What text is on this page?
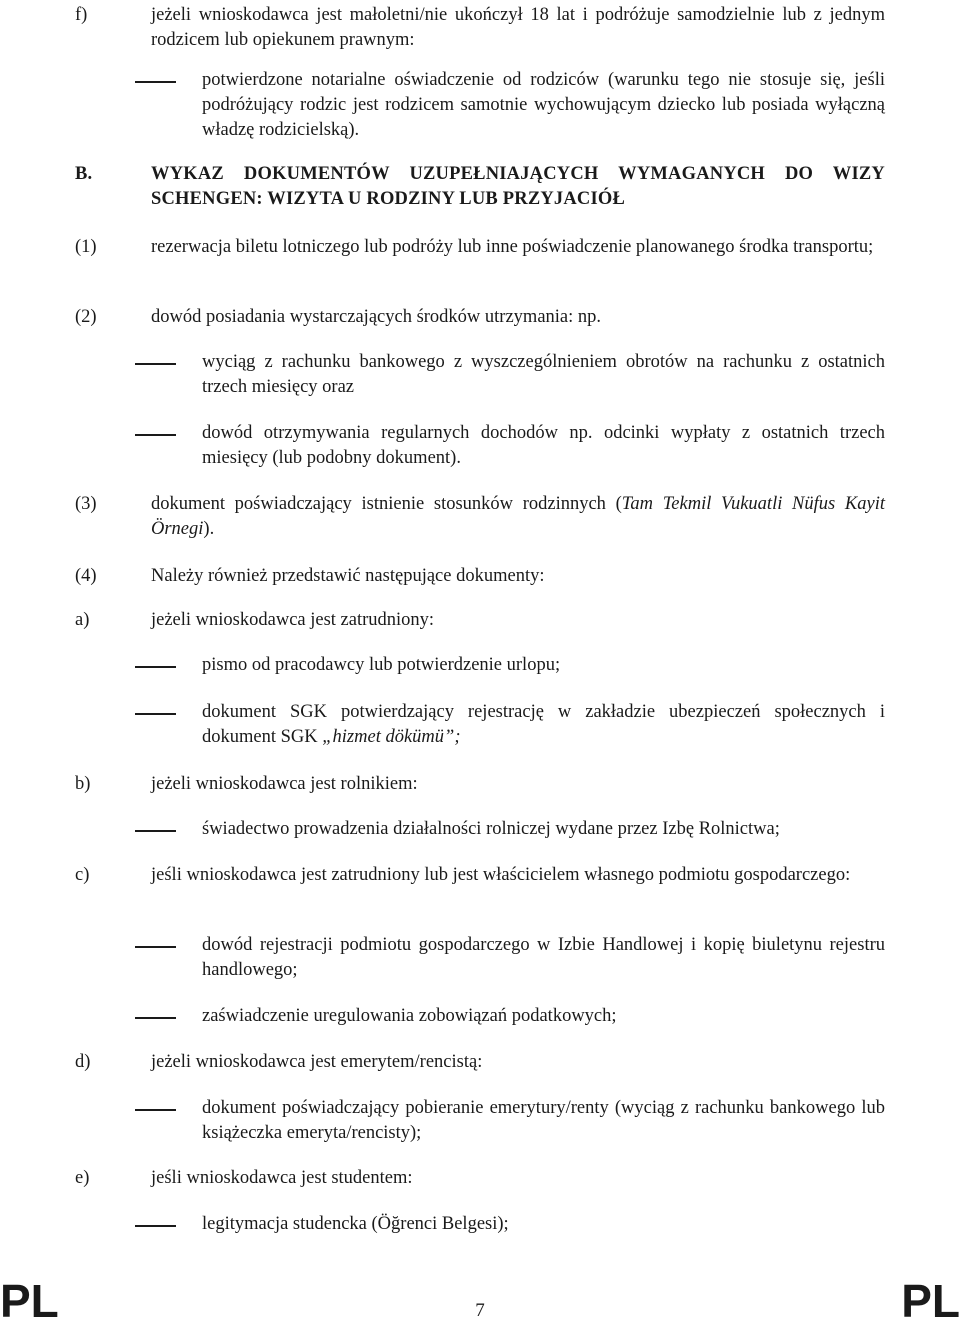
f)	jeżeli wnioskodawca jest małoletni/nie ukończył 18 lat i podróżuje samodzielnie lub z jednym rodzicem lub opiekunem prawnym:
potwierdzone notarialne oświadczenie od rodziców (warunku tego nie stosuje się, jeśli podróżujący rodzic jest rodzicem samotnie wychowującym dziecko lub posiada wyłączną władzę rodzicielską).
B.	WYKAZ DOKUMENTÓW UZUPEŁNIAJĄCYCH WYMAGANYCH DO WIZY SCHENGEN: WIZYTA U RODZINY LUB PRZYJACIÓŁ
(1)	rezerwacja biletu lotniczego lub podróży lub inne poświadczenie planowanego środka transportu;
(2)	dowód posiadania wystarczających środków utrzymania: np.
wyciąg z rachunku bankowego z wyszczególnieniem obrotów na rachunku z ostatnich trzech miesięcy oraz
dowód otrzymywania regularnych dochodów np. odcinki wypłaty z ostatnich trzech miesięcy (lub podobny dokument).
(3)	dokument poświadczający istnienie stosunków rodzinnych (Tam Tekmil Vukuatli Nüfus Kayit Örnegi).
(4)	Należy również przedstawić następujące dokumenty:
a)	jeżeli wnioskodawca jest zatrudniony:
pismo od pracodawcy lub potwierdzenie urlopu;
dokument SGK potwierdzający rejestrację w zakładzie ubezpieczeń społecznych i dokument SGK „hizmet dökümü”;
b)	jeżeli wnioskodawca jest rolnikiem:
świadectwo prowadzenia działalności rolniczej wydane przez Izbę Rolnictwa;
c)	jeśli wnioskodawca jest zatrudniony lub jest właścicielem własnego podmiotu gospodarczego:
dowód rejestracji podmiotu gospodarczego w Izbie Handlowej i kopię biuletynu rejestru handlowego;
zaświadczenie uregulowania zobowiązań podatkowych;
d)	jeżeli wnioskodawca jest emerytem/rencistą:
dokument poświadczający pobieranie emerytury/renty (wyciąg z rachunku bankowego lub książeczka emeryta/rencisty);
e)	jeśli wnioskodawca jest studentem:
legitymacja studencka (Öğrenci Belgesi);
PL	7	PL
